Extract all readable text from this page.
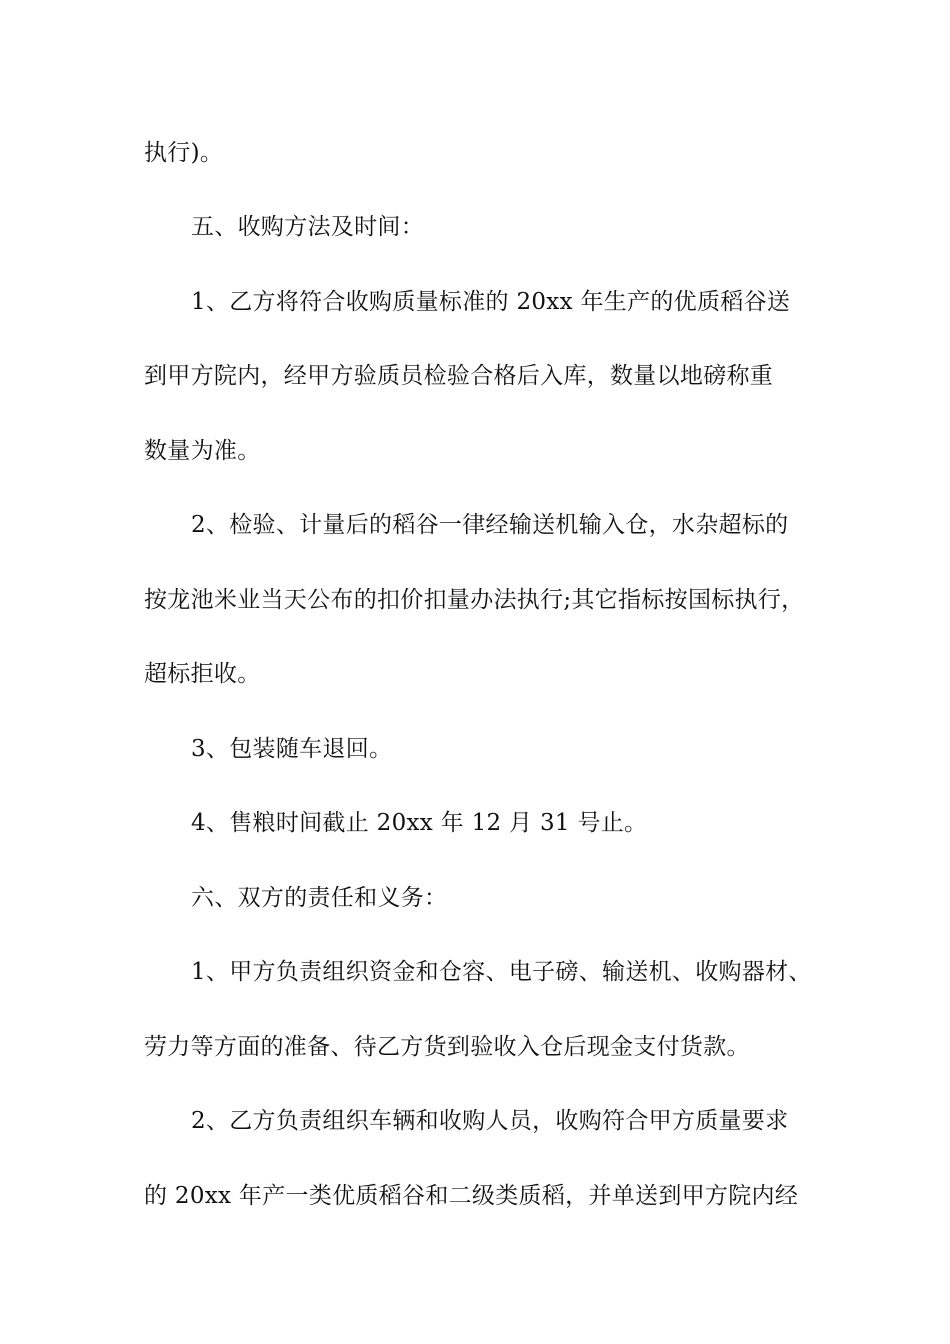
执行)。

五、收购方法及时间：

1、乙方将符合收购质量标准的 20xx 年生产的优质稻谷送

到甲方院内，经甲方验质员检验合格后入库，数量以地磅称重

数量为准。

2、检验、计量后的稻谷一律经输送机输入仓，水杂超标的

按龙池米业当天公布的扣价扣量办法执行;其它指标按国标执行，

超标拒收。

3、包装随车退回。

4、售粮时间截止 20xx 年 12 月 31 号止。

六、双方的责任和义务：

1、甲方负责组织资金和仓容、电子磅、输送机、收购器材、

劳力等方面的准备、待乙方货到验收入仓后现金支付货款。

2、乙方负责组织车辆和收购人员，收购符合甲方质量要求

的 20xx 年产一类优质稻谷和二级类质稻，并单送到甲方院内经
